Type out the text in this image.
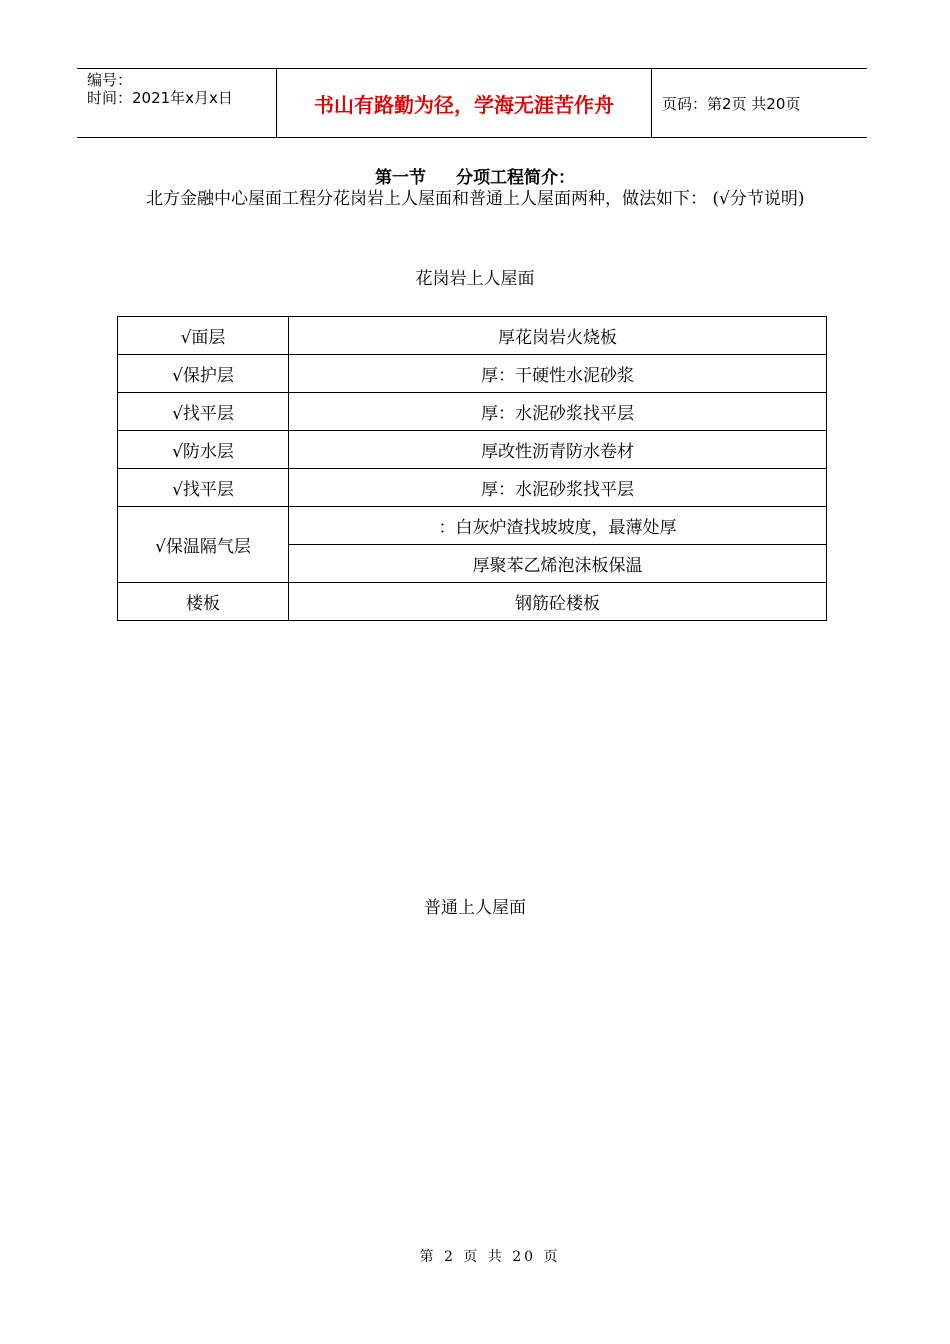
编号：
时间：2021年x月x日	书山有路勤为径，学海无涯苦作舟	页码：第2页 共20页
第一节 分项工程简介：
北方金融中心屋面工程分花岗岩上人屋面和普通上人屋面两种，做法如下： (√分节说明)
花岗岩上人屋面
√面层	厚花岗岩火烧板
√保护层	厚：干硬性水泥砂浆
√找平层	厚：水泥砂浆找平层
√防水层	厚改性沥青防水卷材
√找平层	厚：水泥砂浆找平层
√保温隔气层	：白灰炉渣找坡坡度，最薄处厚
	厚聚苯乙烯泡沫板保温
楼板	钢筋砼楼板
普通上人屋面
第 2 页 共 20 页
